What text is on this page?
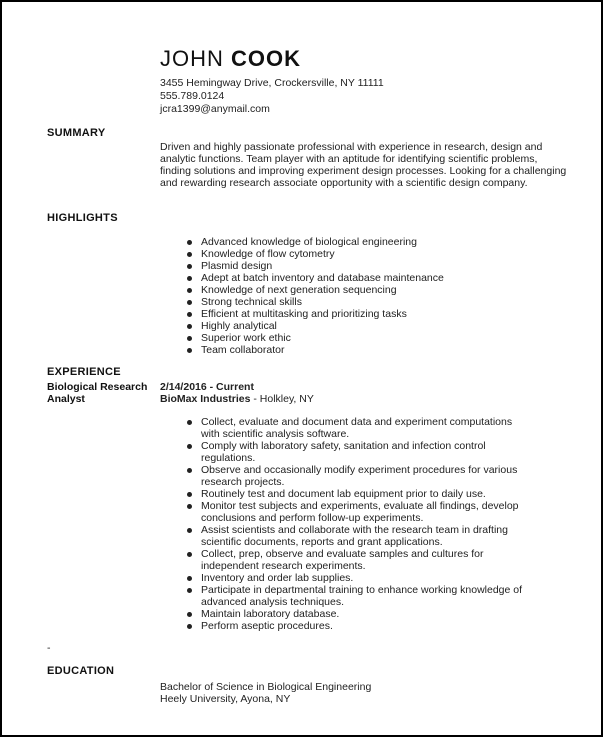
JOHN COOK
3455 Hemingway Drive, Crockersville, NY 11111
555.789.0124
jcra1399@anymail.com
SUMMARY
Driven and highly passionate professional with experience in research, design and analytic functions. Team player with an aptitude for identifying scientific problems, finding solutions and improving experiment design processes. Looking for a challenging and rewarding research associate opportunity with a scientific design company.
HIGHLIGHTS
Advanced knowledge of biological engineering
Knowledge of flow cytometry
Plasmid design
Adept at batch inventory and database maintenance
Knowledge of next generation sequencing
Strong technical skills
Efficient at multitasking and prioritizing tasks
Highly analytical
Superior work ethic
Team collaborator
EXPERIENCE
Biological Research Analyst
2/14/2016 - Current
BioMax Industries - Holkley, NY
Collect, evaluate and document data and experiment computations with scientific analysis software.
Comply with laboratory safety, sanitation and infection control regulations.
Observe and occasionally modify experiment procedures for various research projects.
Routinely test and document lab equipment prior to daily use.
Monitor test subjects and experiments, evaluate all findings, develop conclusions and perform follow-up experiments.
Assist scientists and collaborate with the research team in drafting scientific documents, reports and grant applications.
Collect, prep, observe and evaluate samples and cultures for independent research experiments.
Inventory and order lab supplies.
Participate in departmental training to enhance working knowledge of advanced analysis techniques.
Maintain laboratory database.
Perform aseptic procedures.
-
EDUCATION
Bachelor of Science in Biological Engineering
Heely University, Ayona, NY
